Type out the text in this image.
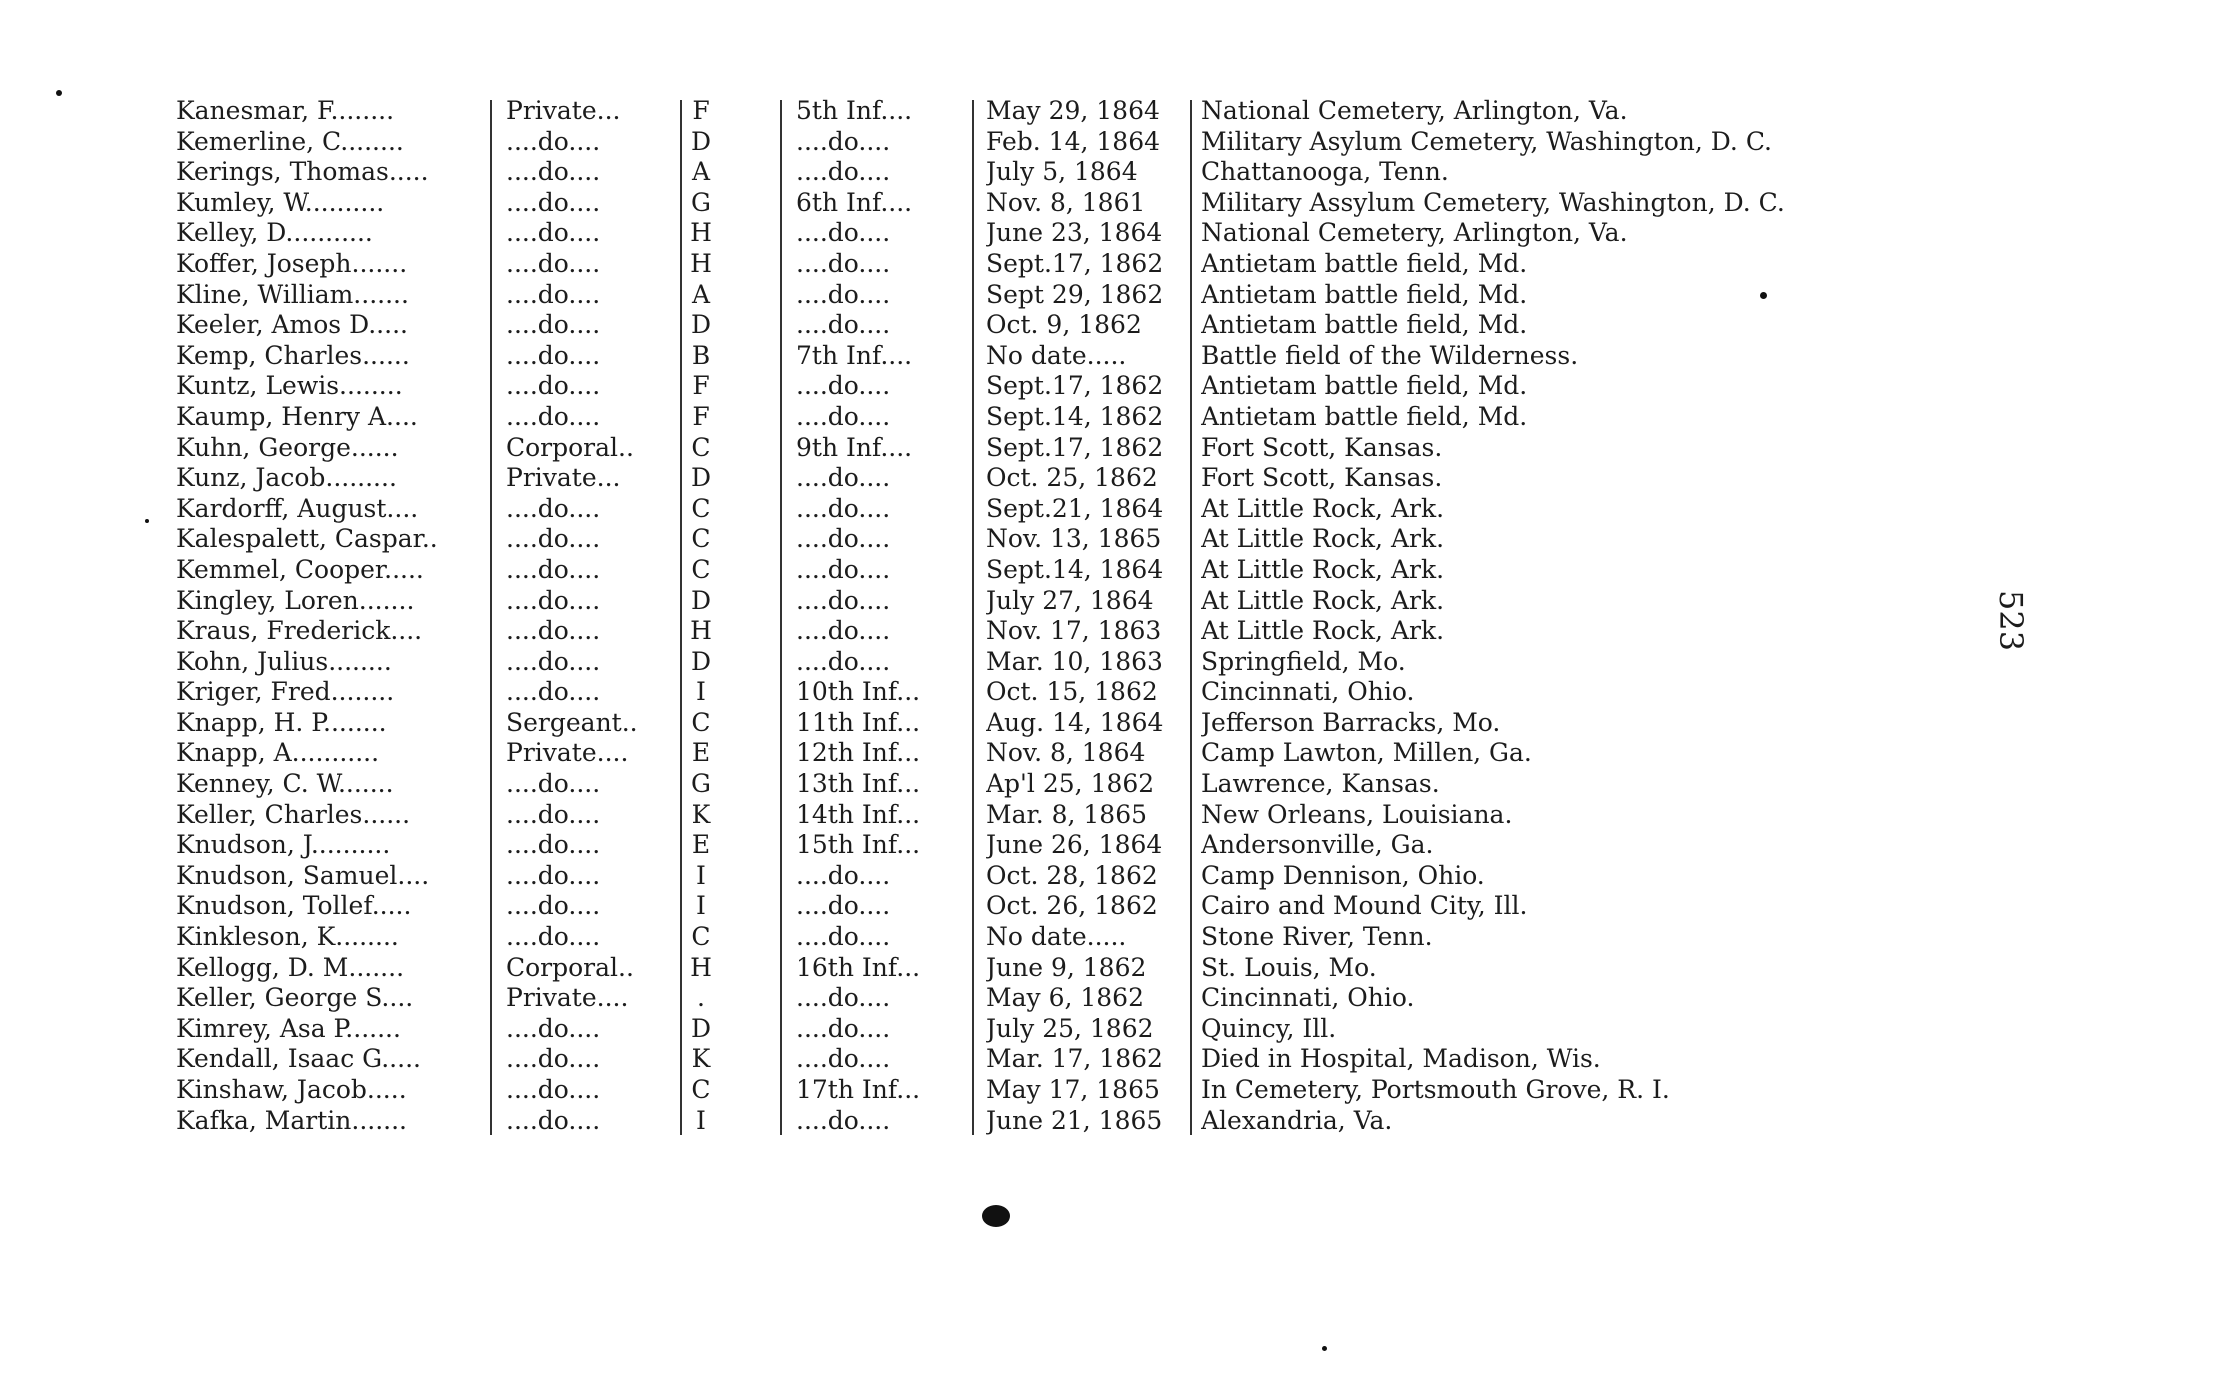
Kanesmar, F........	Private...	F	5th Inf....	May 29, 1864	National Cemetery, Arlington, Va.
Kemerline, C........	....do....	D	....do....	Feb. 14, 1864	Military Asylum Cemetery, Washington, D. C.
Kerings, Thomas.....	....do....	A	....do....	July 5, 1864	Chattanooga, Tenn.
Kumley, W..........	....do....	G	6th Inf....	Nov. 8, 1861	Military Assylum Cemetery, Washington, D. C.
Kelley, D...........	....do....	H	....do....	June 23, 1864	National Cemetery, Arlington, Va.
Koffer, Joseph.......	....do....	H	....do....	Sept.17, 1862	Antietam battle field, Md.
Kline, William.......	....do....	A	....do....	Sept 29, 1862	Antietam battle field, Md.
Keeler, Amos D.....	....do....	D	....do....	Oct. 9, 1862	Antietam battle field, Md.
Kemp, Charles......	....do....	B	7th Inf....	No date.....	Battle field of the Wilderness.
Kuntz, Lewis........	....do....	F	....do....	Sept.17, 1862	Antietam battle field, Md.
Kaump, Henry A....	....do....	F	....do....	Sept.14, 1862	Antietam battle field, Md.
Kuhn, George......	Corporal..	C	9th Inf....	Sept.17, 1862	Fort Scott, Kansas.
Kunz, Jacob.........	Private...	D	....do....	Oct. 25, 1862	Fort Scott, Kansas.
Kardorff, August....	....do....	C	....do....	Sept.21, 1864	At Little Rock, Ark.
Kalespalett, Caspar..	....do....	C	....do....	Nov. 13, 1865	At Little Rock, Ark.
Kemmel, Cooper.....	....do....	C	....do....	Sept.14, 1864	At Little Rock, Ark.
Kingley, Loren.......	....do....	D	....do....	July 27, 1864	At Little Rock, Ark.
Kraus, Frederick....	....do....	H	....do....	Nov. 17, 1863	At Little Rock, Ark.
Kohn, Julius........	....do....	D	....do....	Mar. 10, 1863	Springfield, Mo.
Kriger, Fred........	....do....	I	10th Inf...	Oct. 15, 1862	Cincinnati, Ohio.
Knapp, H. P........	Sergeant..	C	11th Inf...	Aug. 14, 1864	Jefferson Barracks, Mo.
Knapp, A...........	Private....	E	12th Inf...	Nov. 8, 1864	Camp Lawton, Millen, Ga.
Kenney, C. W.......	....do....	G	13th Inf...	Ap'l 25, 1862	Lawrence, Kansas.
Keller, Charles......	....do....	K	14th Inf...	Mar. 8, 1865	New Orleans, Louisiana.
Knudson, J..........	....do....	E	15th Inf...	June 26, 1864	Andersonville, Ga.
Knudson, Samuel....	....do....	I	....do....	Oct. 28, 1862	Camp Dennison, Ohio.
Knudson, Tollef.....	....do....	I	....do....	Oct. 26, 1862	Cairo and Mound City, Ill.
Kinkleson, K........	....do....	C	....do....	No date.....	Stone River, Tenn.
Kellogg, D. M.......	Corporal..	H	16th Inf...	June 9, 1862	St. Louis, Mo.
Keller, George S....	Private....	.	....do....	May 6, 1862	Cincinnati, Ohio.
Kimrey, Asa P.......	....do....	D	....do....	July 25, 1862	Quincy, Ill.
Kendall, Isaac G.....	....do....	K	....do....	Mar. 17, 1862	Died in Hospital, Madison, Wis.
Kinshaw, Jacob.....	....do....	C	17th Inf...	May 17, 1865	In Cemetery, Portsmouth Grove, R. I.
Kafka, Martin.......	....do....	I	....do....	June 21, 1865	Alexandria, Va.
523
